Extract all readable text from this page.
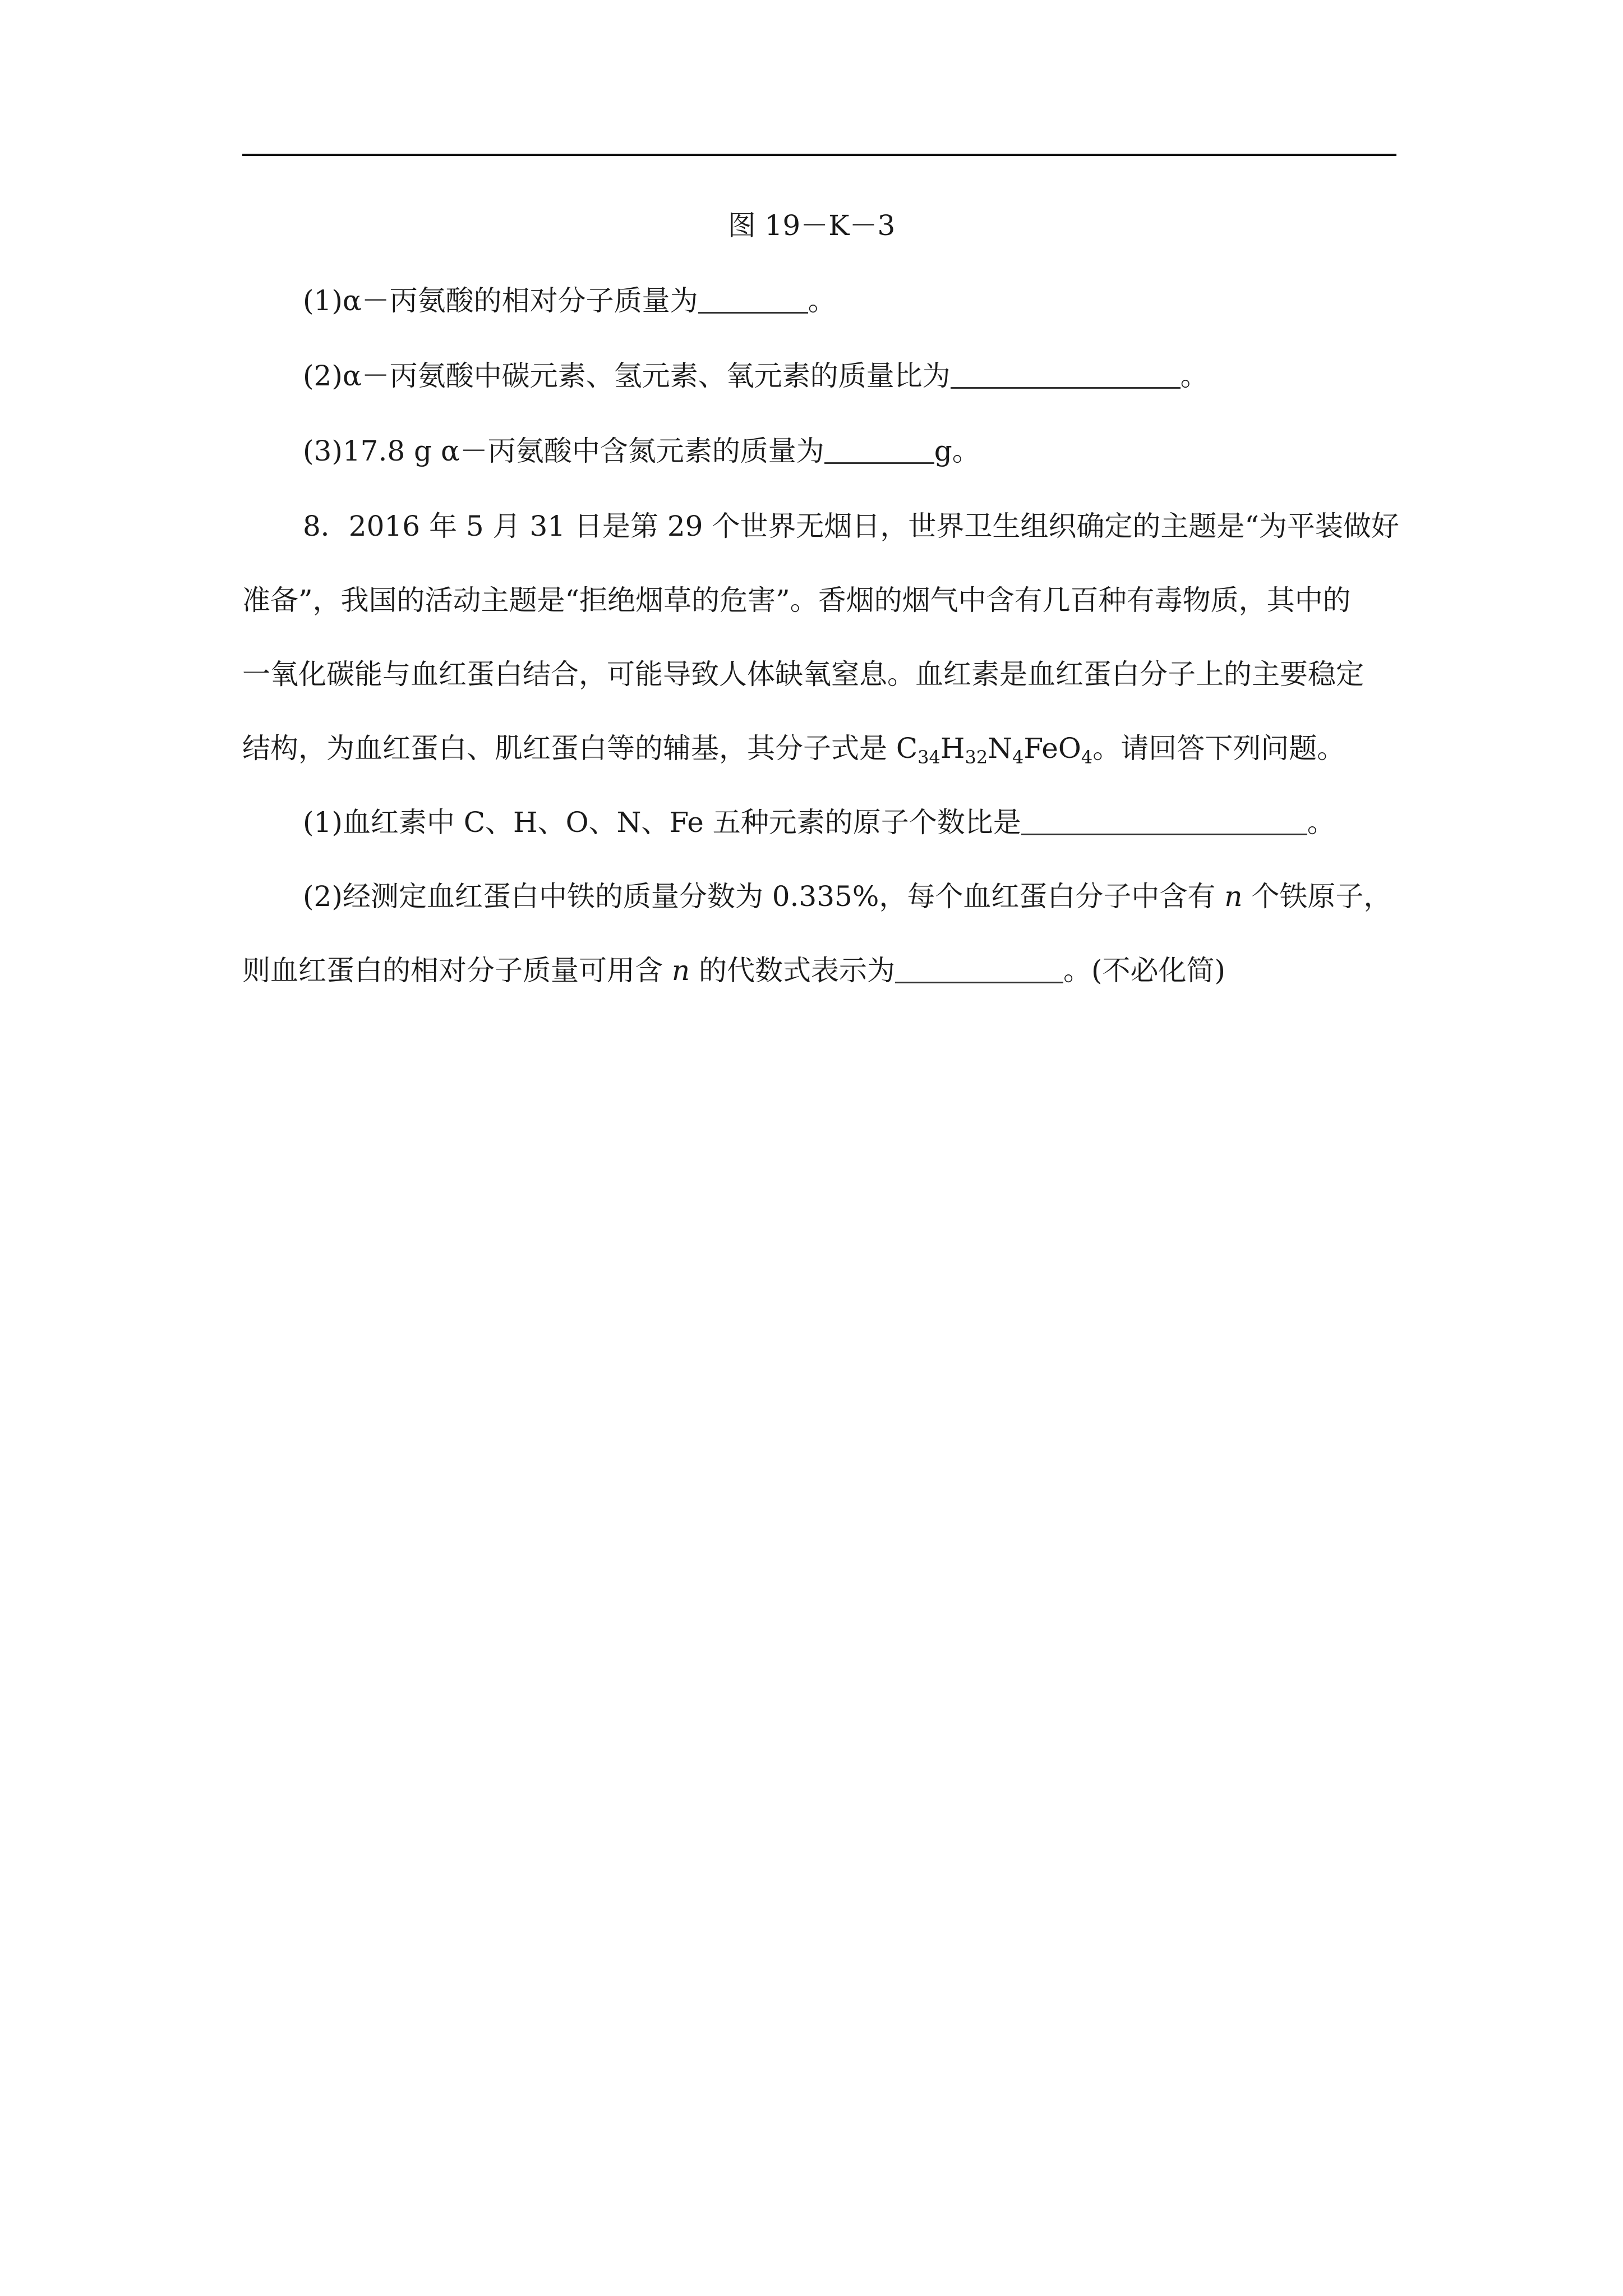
图 19－K－3
(1)α－丙氨酸的相对分子质量为	。
(2)α－丙氨酸中碳元素、氢元素、氧元素的质量比为	。
(3)17.8 g α－丙氨酸中含氮元素的质量为	g。
8．2016 年 5 月 31 日是第 29 个世界无烟日，世界卫生组织确定的主题是“为平装做好
准备”，我国的活动主题是“拒绝烟草的危害”。香烟的烟气中含有几百种有毒物质，其中的
一氧化碳能与血红蛋白结合，可能导致人体缺氧窒息。血红素是血红蛋白分子上的主要稳定
结构，为血红蛋白、肌红蛋白等的辅基，其分子式是 $C_{34}H_{32}N_4FeO_4$。请回答下列问题。
(1)血红素中 C、H、O、N、Fe 五种元素的原子个数比是	。
(2)经测定血红蛋白中铁的质量分数为 0.335%，每个血红蛋白分子中含有 n 个铁原子，
则血红蛋白的相对分子质量可用含 n 的代数式表示为	。(不必化简)
